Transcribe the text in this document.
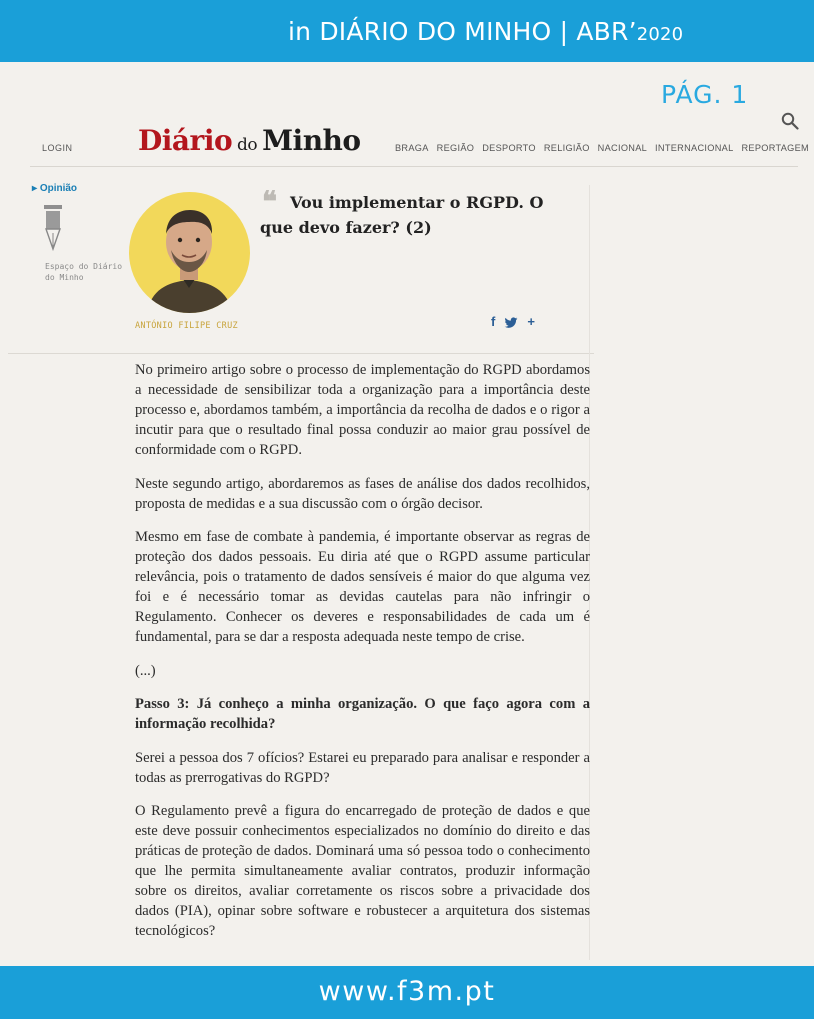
in DIÁRIO DO MINHO | ABR’2020
PÁG. 1
LOGIN Diário do Minho	BRAGA REGIÃO DESPORTO RELIGIÃO NACIONAL INTERNACIONAL REPORTAGEM
▸ Opinião
Espaço do Diário do Minho
ANTÓNIO FILIPE CRUZ
❝ Vou implementar o RGPD. O que devo fazer? (2)
f +

No primeiro artigo sobre o processo de implementação do RGPD abordamos a necessidade de sensibilizar toda a organização para a importância deste processo e, abordamos também, a importância da recolha de dados e o rigor a incutir para que o resultado final possa conduzir ao maior grau possível de conformidade com o RGPD.

Neste segundo artigo, abordaremos as fases de análise dos dados recolhidos, proposta de medidas e a sua discussão com o órgão decisor.

Mesmo em fase de combate à pandemia, é importante observar as regras de proteção dos dados pessoais. Eu diria até que o RGPD assume particular relevância, pois o tratamento de dados sensíveis é maior do que alguma vez foi e é necessário tomar as devidas cautelas para não infringir o Regulamento. Conhecer os deveres e responsabilidades de cada um é fundamental, para se dar a resposta adequada neste tempo de crise.

(...)

Passo 3: Já conheço a minha organização. O que faço agora com a informação recolhida?

Serei a pessoa dos 7 ofícios? Estarei eu preparado para analisar e responder a todas as prerrogativas do RGPD?

O Regulamento prevê a figura do encarregado de proteção de dados e que este deve possuir conhecimentos especializados no domínio do direito e das práticas de proteção de dados. Dominará uma só pessoa todo o conhecimento que lhe permita simultaneamente avaliar contratos, produzir informação sobre os direitos, avaliar corretamente os riscos sobre a privacidade dos dados (PIA), opinar sobre software e robustecer a arquitetura dos sistemas tecnológicos?

www.f3m.pt
